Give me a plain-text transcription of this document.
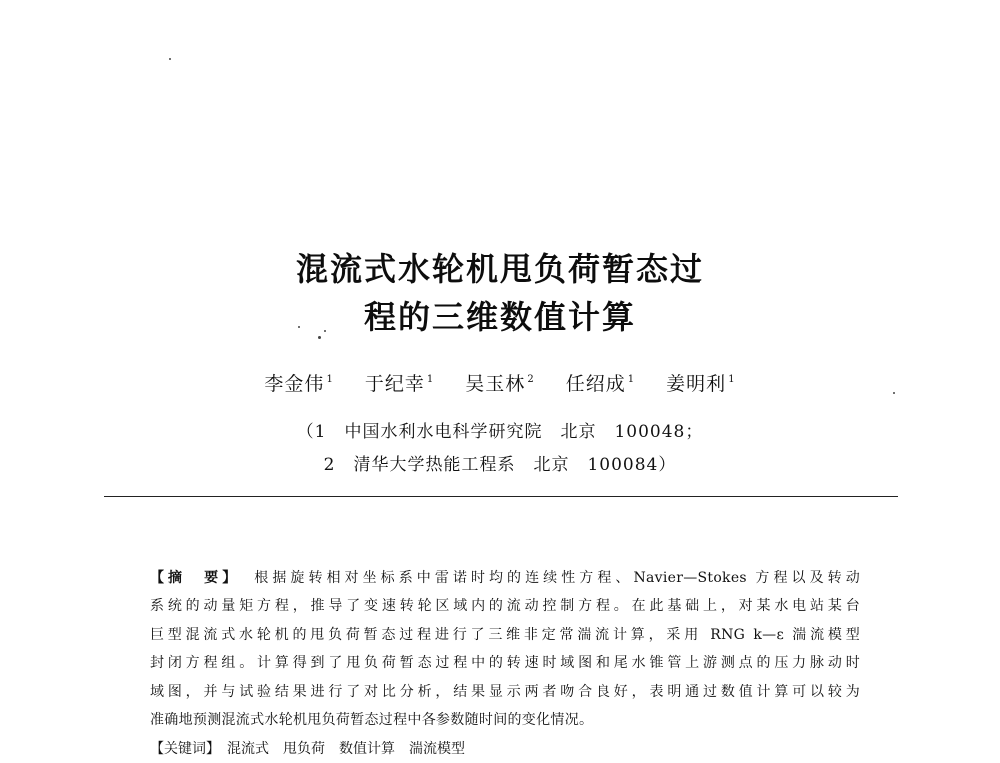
混流式水轮机甩负荷暂态过
程的三维数值计算
李金伟 $^1$ 于纪幸 $^1$ 吴玉林 $^2$ 任绍成 $^1$ 姜明利 $^1$
（1　中国水利水电科学研究院　北京　100048；
2　清华大学热能工程系　北京　100084）
【摘　要】 根据旋转相对坐标系中雷诺时均的连续性方程、Navier—Stokes 方程以及转动
系统的动量矩方程，推导了变速转轮区域内的流动控制方程。在此基础上，对某水电站某台
巨型混流式水轮机的甩负荷暂态过程进行了三维非定常湍流计算，采用 RNG k—ε 湍流模型
封闭方程组。计算得到了甩负荷暂态过程中的转速时域图和尾水锥管上游测点的压力脉动时
域图，并与试验结果进行了对比分析，结果显示两者吻合良好，表明通过数值计算可以较为
准确地预测混流式水轮机甩负荷暂态过程中各参数随时间的变化情况。
【关键词】　混流式　甩负荷　数值计算　湍流模型
